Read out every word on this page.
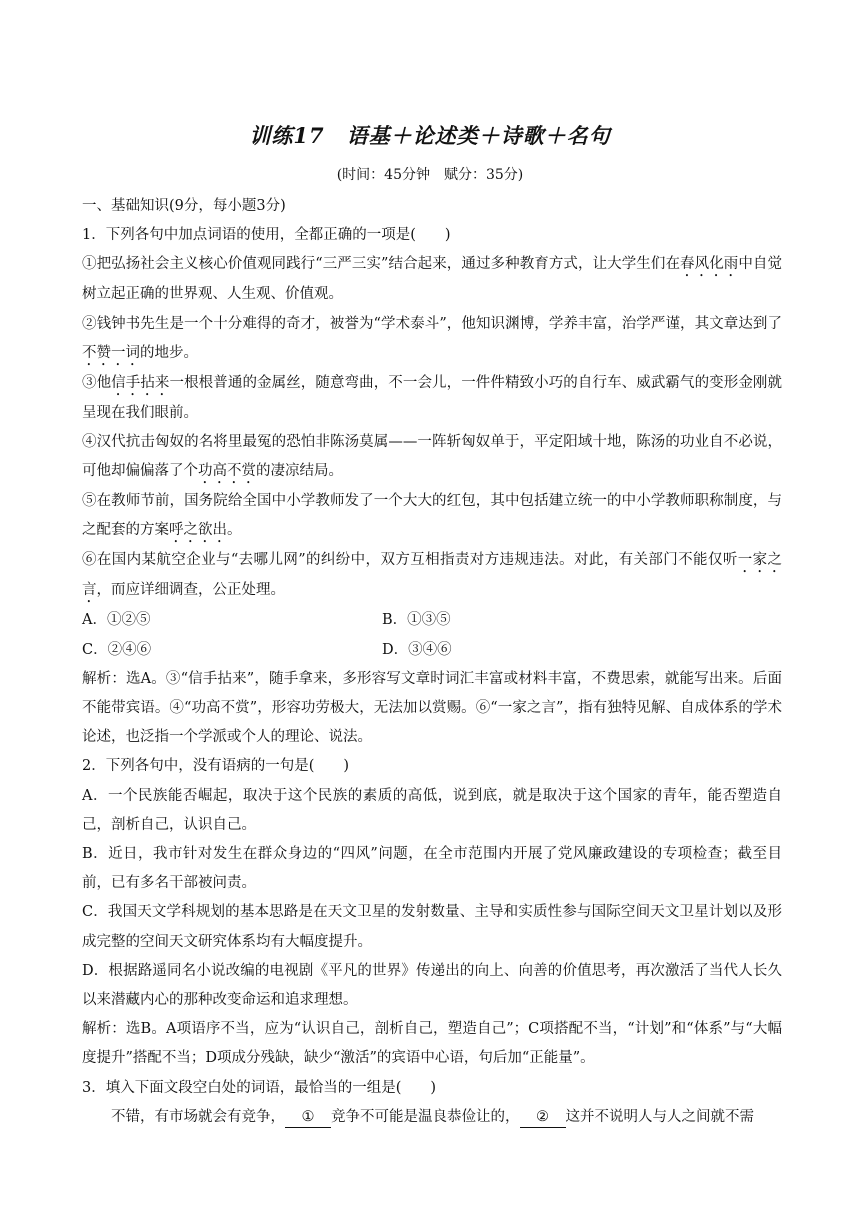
训练17　语基＋论述类＋诗歌＋名句
(时间：45分钟　赋分：35分)

一、基础知识(9分，每小题3分)

1．下列各句中加点词语的使用，全都正确的一项是(　　)

①把弘扬社会主义核心价值观同践行“三严三实”结合起来，通过多种教育方式，让大学生们在春风化雨中自觉树立起正确的世界观、人生观、价值观。

②钱钟书先生是一个十分难得的奇才，被誉为“学术泰斗”，他知识渊博，学养丰富，治学严谨，其文章达到了不赞一词的地步。

③他信手拈来一根根普通的金属丝，随意弯曲，不一会儿，一件件精致小巧的自行车、威武霸气的变形金刚就呈现在我们眼前。

④汉代抗击匈奴的名将里最冤的恐怕非陈汤莫属——一阵斩匈奴单于，平定阳域十地，陈汤的功业自不必说，可他却偏偏落了个功高不赏的凄凉结局。

⑤在教师节前，国务院给全国中小学教师发了一个大大的红包，其中包括建立统一的中小学教师职称制度，与之配套的方案呼之欲出。

⑥在国内某航空企业与“去哪儿网”的纠纷中，双方互相指责对方违规违法。对此，有关部门不能仅听一家之言，而应详细调查，公正处理。

A．①②⑤	B．①③⑤

C．②④⑥	D．③④⑥

解析：选A。③“信手拈来”，随手拿来，多形容写文章时词汇丰富或材料丰富，不费思索，就能写出来。后面不能带宾语。④“功高不赏”，形容功劳极大，无法加以赏赐。⑥“一家之言”，指有独特见解、自成体系的学术论述，也泛指一个学派或个人的理论、说法。

2．下列各句中，没有语病的一句是(　　)

A．一个民族能否崛起，取决于这个民族的素质的高低，说到底，就是取决于这个国家的青年，能否塑造自己，剖析自己，认识自己。

B．近日，我市针对发生在群众身边的“四风”问题，在全市范围内开展了党风廉政建设的专项检查；截至目前，已有多名干部被问责。

C．我国天文学科规划的基本思路是在天文卫星的发射数量、主导和实质性参与国际空间天文卫星计划以及形成完整的空间天文研究体系均有大幅度提升。

D．根据路遥同名小说改编的电视剧《平凡的世界》传递出的向上、向善的价值思考，再次激活了当代人长久以来潜藏内心的那种改变命运和追求理想。

解析：选B。A项语序不当，应为“认识自己，剖析自己，塑造自己”；C项搭配不当，“计划”和“体系”与“大幅度提升”搭配不当；D项成分残缺，缺少“激活”的宾语中心语，句后加“正能量”。

3．填入下面文段空白处的词语，最恰当的一组是(　　)

不错，有市场就会有竞争， ① 竞争不可能是温良恭俭让的， ② 这并不说明人与人之间就不需
